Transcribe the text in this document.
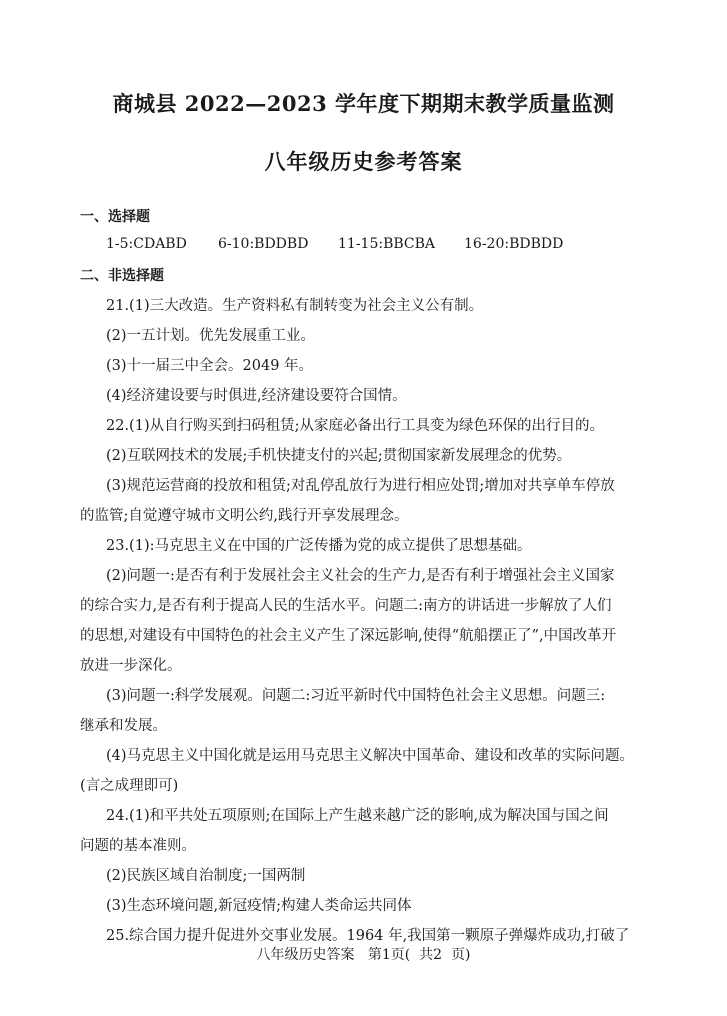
商城县 2022—2023 学年度下期期末教学质量监测
八年级历史参考答案
一、选择题
1-5:CDABD 6-10:BDDBD 11-15:BBCBA 16-20:BDBDD
二、非选择题
21.(1)三大改造。生产资料私有制转变为社会主义公有制。
(2)一五计划。优先发展重工业。
(3)十一届三中全会。2049 年。
(4)经济建设要与时俱进,经济建设要符合国情。
22.(1)从自行购买到扫码租赁;从家庭必备出行工具变为绿色环保的出行目的。
(2)互联网技术的发展;手机快捷支付的兴起;贯彻国家新发展理念的优势。
(3)规范运营商的投放和租赁;对乱停乱放行为进行相应处罚;增加对共享单车停放
的监管;自觉遵守城市文明公约,践行开享发展理念。
23.(1):马克思主义在中国的广泛传播为党的成立提供了思想基础。
(2)问题一:是否有利于发展社会主义社会的生产力,是否有利于增强社会主义国家
的综合实力,是否有利于提高人民的生活水平。问题二:南方的讲话进一步解放了人们
的思想,对建设有中国特色的社会主义产生了深远影响,使得“航船摆正了”,中国改革开
放进一步深化。
(3)问题一:科学发展观。问题二:习近平新时代中国特色社会主义思想。问题三:
继承和发展。
(4)马克思主义中国化就是运用马克思主义解决中国革命、建设和改革的实际问题。
(言之成理即可)
24.(1)和平共处五项原则;在国际上产生越来越广泛的影响,成为解决国与国之间
问题的基本准则。
(2)民族区域自治制度;一国两制
(3)生态环境问题,新冠疫情;构建人类命运共同体
25.综合国力提升促进外交事业发展。1964 年,我国第一颗原子弹爆炸成功,打破了
八年级历史答案   第1页(  共2  页)
